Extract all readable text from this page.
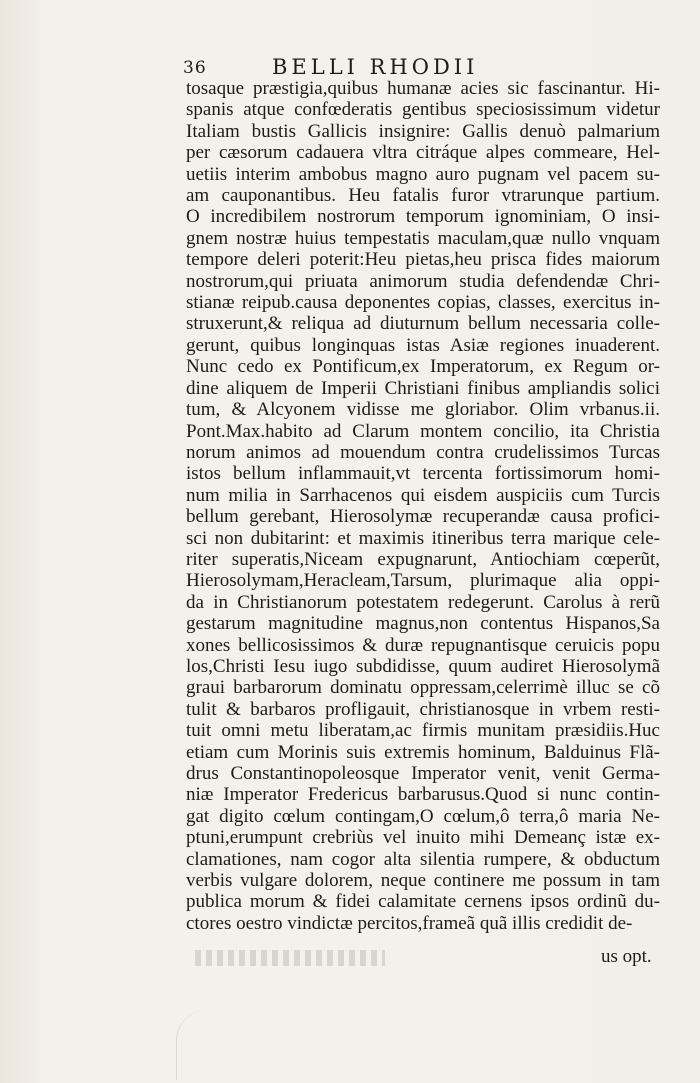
36	BELLI RHODII
tosaque præstigia,quibus humanæ acies sic fascinantur. Hi-
spanis atque confœderatis gentibus speciosissimum videtur
Italiam bustis Gallicis insignire: Gallis denuò palmarium
per cæsorum cadauera vltra citráque alpes commeare, Hel-
uetiis interim ambobus magno auro pugnam vel pacem su-
am cauponantibus. Heu fatalis furor vtrarunque partium.
O incredibilem nostrorum temporum ignominiam, O insi-
gnem nostræ huius tempestatis maculam,quæ nullo vnquam
tempore deleri poterit:Heu pietas,heu prisca fides maiorum
nostrorum,qui priuata animorum studia defendendæ Chri-
stianæ reipub.causa deponentes copias, classes, exercitus in-
struxerunt,& reliqua ad diuturnum bellum necessaria colle-
gerunt, quibus longinquas istas Asiæ regiones inuaderent.
Nunc cedo ex Pontificum,ex Imperatorum, ex Regum or-
dine aliquem de Imperii Christiani finibus ampliandis solici
tum, & Alcyonem vidisse me gloriabor. Olim vrbanus.ii.
Pont.Max.habito ad Clarum montem concilio, ita Christia
norum animos ad mouendum contra crudelissimos Turcas
istos bellum inflammauit,vt tercenta fortissimorum homi-
num milia in Sarrhacenos qui eisdem auspiciis cum Turcis
bellum gerebant, Hierosolymæ recuperandæ causa profici-
sci non dubitarint: et maximis itineribus terra marique cele-
riter superatis,Niceam expugnarunt, Antiochiam cœperũt,
Hierosolymam,Heracleam,Tarsum, plurimaque alia oppi-
da in Christianorum potestatem redegerunt. Carolus à rerũ
gestarum magnitudine magnus,non contentus Hispanos,Sa
xones bellicosissimos & duræ repugnantisque ceruicis popu
los,Christi Iesu iugo subdidisse, quum audiret Hierosolymã
graui barbarorum dominatu oppressam,celerrimè illuc se cõ
tulit & barbaros profligauit, christianosque in vrbem resti-
tuit omni metu liberatam,ac firmis munitam præsidiis.Huc
etiam cum Morinis suis extremis hominum, Balduinus Flã-
drus Constantinopoleosque Imperator venit, venit Germa-
niæ Imperator Fredericus barbarusus.Quod si nunc contin-
gat digito cœlum contingam,O cœlum,ô terra,ô maria Ne-
ptuni,erumpunt crebriùs vel inuito mihi Demeanç istæ ex-
clamationes, nam cogor alta silentia rumpere, & obductum
verbis vulgare dolorem, neque continere me possum in tam
publica morum & fidei calamitate cernens ipsos ordinũ du-
ctores oestro vindictæ percitos,frameã quã illis credidit de-
us opt.
